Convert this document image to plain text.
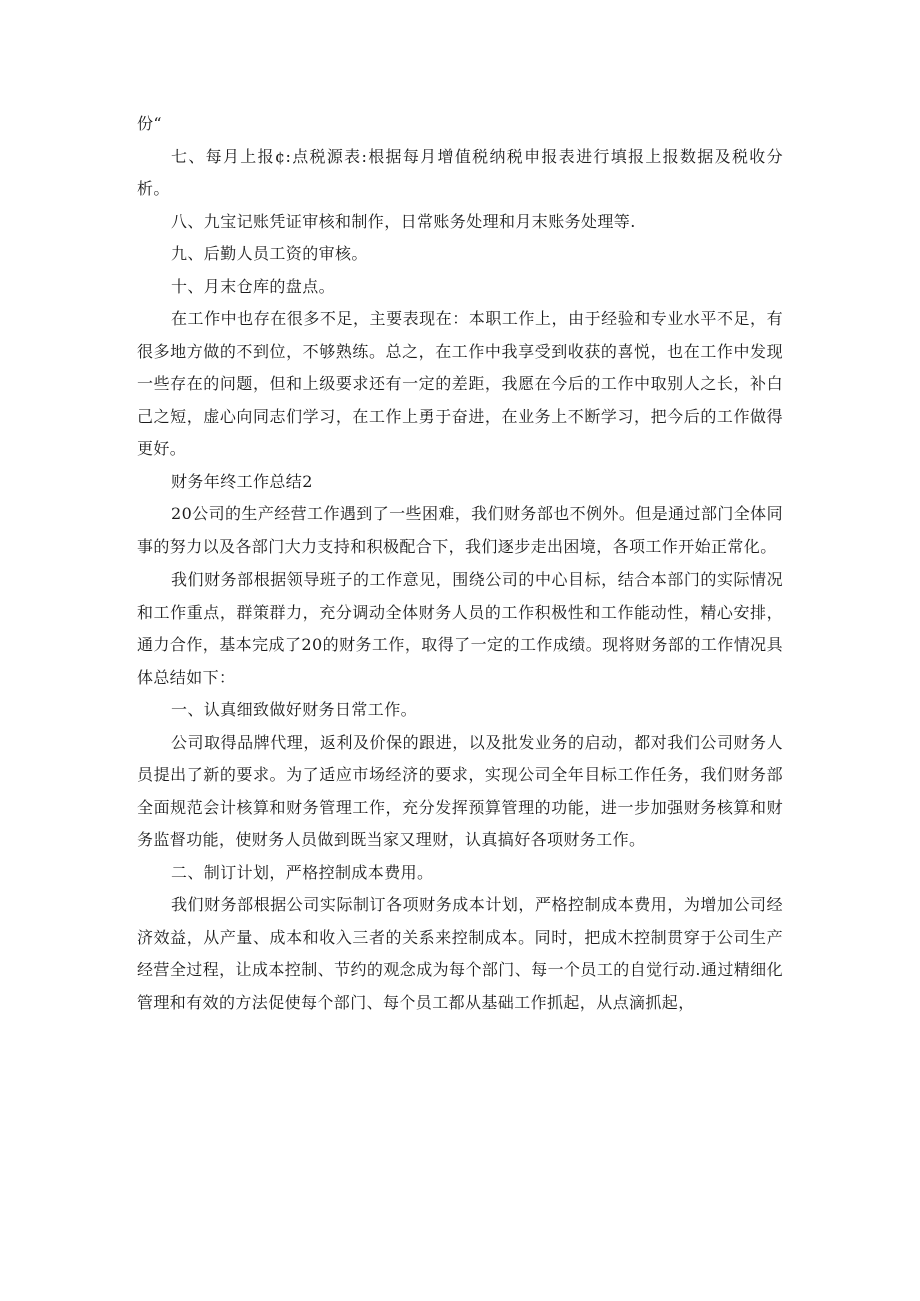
份“

七、每月上报¢:点税源表:根据每月增值税纳税申报表进行填报上报数据及税收分析。

八、九宝记账凭证审核和制作，日常账务处理和月末账务处理等.

九、后勤人员工资的审核。

十、月末仓库的盘点。

在工作中也存在很多不足，主要表现在：本职工作上，由于经验和专业水平不足，有很多地方做的不到位，不够熟练。总之，在工作中我享受到收获的喜悦，也在工作中发现一些存在的问题，但和上级要求还有一定的差距，我愿在今后的工作中取别人之长，补白己之短，虚心向同志们学习，在工作上勇于奋进，在业务上不断学习，把今后的工作做得更好。

财务年终工作总结2

20公司的生产经营工作遇到了一些困难，我们财务部也不例外。但是通过部门全体同事的努力以及各部门大力支持和积极配合下，我们逐步走出困境，各项工作开始正常化。

我们财务部根据领导班子的工作意见，围绕公司的中心目标，结合本部门的实际情况和工作重点，群策群力，充分调动全体财务人员的工作积极性和工作能动性，精心安排，通力合作，基本完成了20的财务工作，取得了一定的工作成绩。现将财务部的工作情况具体总结如下：

一、认真细致做好财务日常工作。

公司取得品牌代理，返利及价保的跟进，以及批发业务的启动，都对我们公司财务人员提出了新的要求。为了适应市场经济的要求，实现公司全年目标工作任务，我们财务部全面规范会计核算和财务管理工作，充分发挥预算管理的功能，进一步加强财务核算和财务监督功能，使财务人员做到既当家又理财，认真搞好各项财务工作。

二、制订计划，严格控制成本费用。

我们财务部根据公司实际制订各项财务成本计划，严格控制成本费用，为增加公司经济效益，从产量、成本和收入三者的关系来控制成本。同时，把成木控制贯穿于公司生产经营全过程，让成本控制、节约的观念成为每个部门、每一个员工的自觉行动.通过精细化管理和有效的方法促使每个部门、每个员工都从基础工作抓起，从点滴抓起，
